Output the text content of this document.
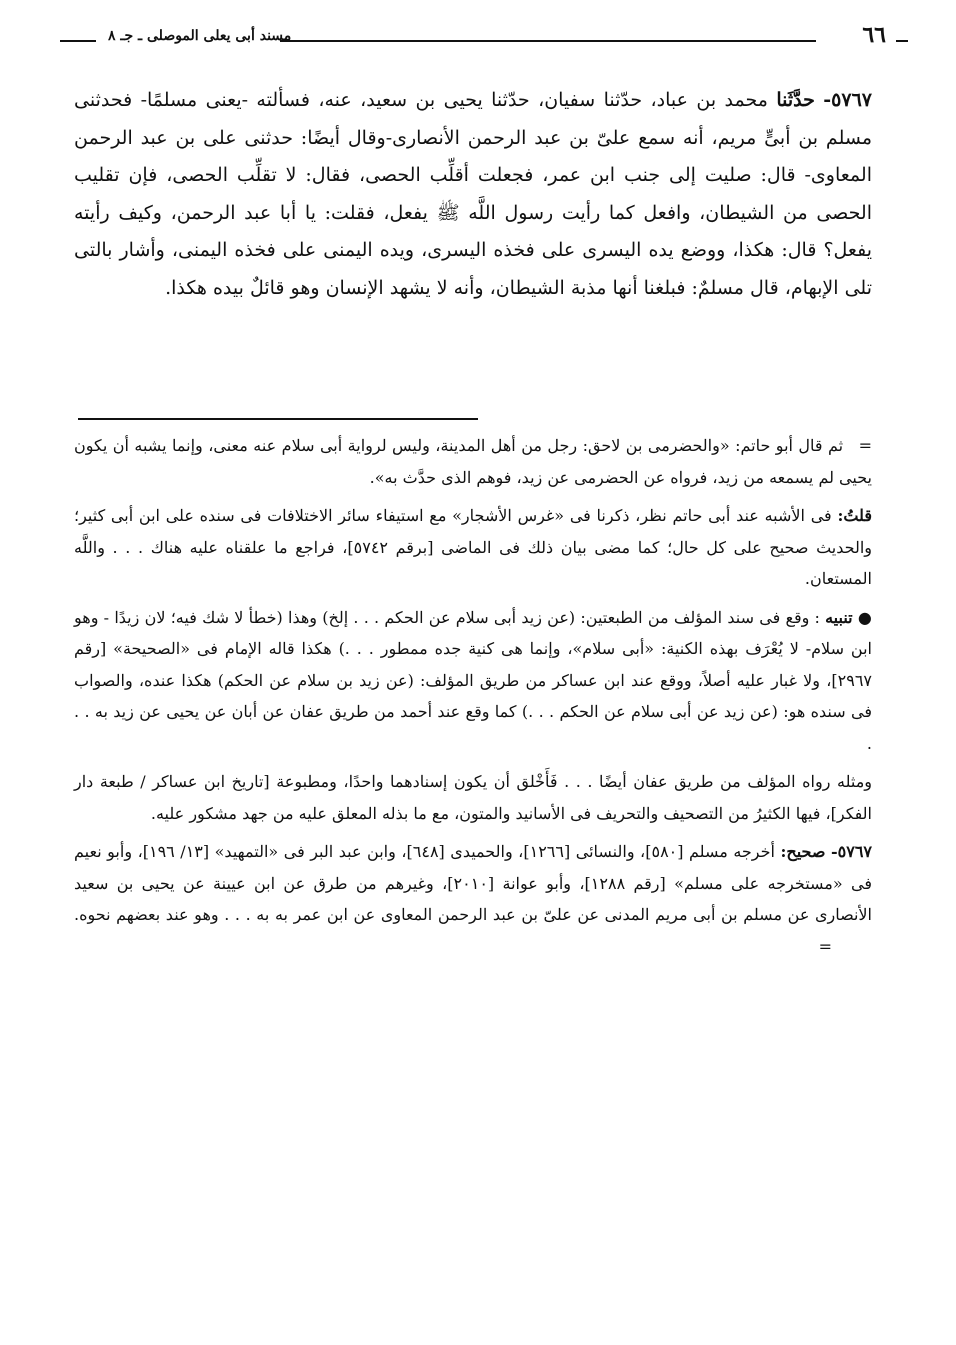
٦٦
مسند أبى يعلى الموصلى ـ جـ ٨
٥٧٦٧- حدَّثَنا محمد بن عباد، حدّثنا سفيان، حدّثنا يحيى بن سعيد، عنه، فسألته -يعنى مسلمًا- فحدثنى مسلم بن أبىٍّ مريم، أنه سمع علىّ بن عبد الرحمن الأنصارى-وقال أيضًا: حدثنى على بن عبد الرحمن المعاوى- قال: صليت إلى جنب ابن عمر، فجعلت أقلِّب الحصى، فقال: لا تقلِّب الحصى، فإن تقليب الحصى من الشيطان، وافعل كما رأيت رسول اللَّه ﷺ يفعل، فقلت: يا أبا عبد الرحمن، وكيف رأيته يفعل؟ قال: هكذا، ووضع يده اليسرى على فخذه اليسرى، ويده اليمنى على فخذه اليمنى، وأشار بالتى تلى الإبهام، قال مسلمٌ: فبلغنا أنها مذبة الشيطان، وأنه لا يشهد الإنسان وهو قائلٌ بيده هكذا.

= ثم قال أبو حاتم: «والحضرمى بن لاحق: رجل من أهل المدينة، وليس لرواية أبى سلام عنه معنى، وإنما يشبه أن يكون يحيى لم يسمعه من زيد، فرواه عن الحضرمى عن زيد، فوهم الذى حدَّث به».

قلتُ: فى الأشبه عند أبى حاتم نظر، ذكرنا فى «غرس الأشجار» مع استيفاء سائر الاختلافات فى سنده على ابن أبى كثير؛ والحديث صحيح على كل حال؛ كما مضى بيان ذلك فى الماضى [برقم ٥٧٤٢]، فراجع ما علقناه عليه هناك . . . واللَّه المستعان.

● تنبيه : وقع فى سند المؤلف من الطبعتين: (عن زيد أبى سلام عن الحكم . . . إلخ) وهذا (خطأ لا شك فيه؛ لان زيدًا - وهو ابن سلام- لا يُعْرَف بهذه الكنية: «أبى سلام»، وإنما هى كنية جده ممطور . . .) هكذا قاله الإمام فى «الصحيحة» [رقم ٢٩٦٧]، ولا غبار عليه أصلاً، ووقع عند ابن عساكر من طريق المؤلف: (عن زيد بن سلام عن الحكم) هكذا عنده، والصواب فى سنده هو: (عن زيد عن أبى سلام عن الحكم . . .) كما وقع عند أحمد من طريق عفان عن أبان عن يحيى عن زيد به . . .

ومثله رواه المؤلف من طريق عفان أيضًا . . . فَأَخْلق أن يكون إسنادهما واحدًا، ومطبوعة [تاريخ ابن عساكر / طبعة دار الفكر]، فيها الكثيرُ من التصحيف والتحريف فى الأسانيد والمتون، مع ما بذله المعلق عليه من جهد مشكور عليه.

٥٧٦٧- صحيح: أخرجه مسلم [٥٨٠]، والنسائى [١٢٦٦]، والحميدى [٦٤٨]، وابن عبد البر فى «التمهيد» [١٣/ ١٩٦]، وأبو نعيم فى «مستخرجه على مسلم» [رقم ١٢٨٨]، وأبو عوانة [٢٠١٠]، وغيرهم من طرق عن ابن عيينة عن يحيى بن سعيد الأنصارى عن مسلم بن أبى مريم المدنى عن علىّ بن عبد الرحمن المعاوى عن ابن عمر به به . . . وهو عند بعضهم نحوه. =
